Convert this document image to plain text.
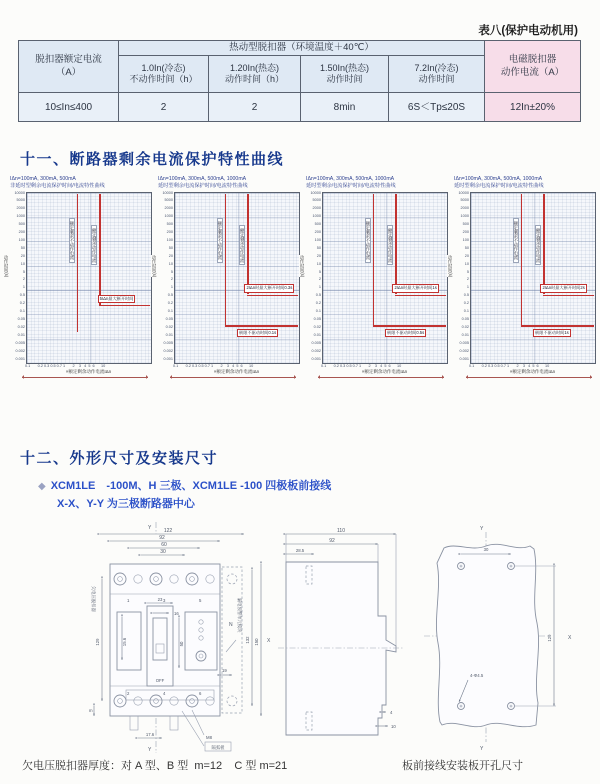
表八(保护电动机用)
脱扣器额定电流
（A）
	热动型脱扣器（环境温度＋40℃）	
电磁脱扣器
动作电流（A）

1.0In(冷态)
不动作时间（h）

1.20In(热态)
动作时间（h）

1.50In(热态)
动作时间

7.2In(冷态)
动作时间

10≤In≤400	2	2	8min	6S＜Tp≤20S	12In±20%
十一、断路器剩余电流保护特性曲线
IΔn=100mA, 300mA, 500mA
非延时型剩余电流保护时间/电流特性曲线
动作时间(s)
10000
5000
2000
1000
500
200
100
50
20
10
5
2
1
0.5
0.2
0.1
0.05
0.02
0.01
0.005
0.002
0.001
额定剩余不动作电流	额定剩余动作电流
5IΔn最大断开时间
0.1       0.2 0.3 0.5 0.7 1       2    3   4  5  6      10
×额定剩余动作电流IΔn
IΔn=100mA, 300mA, 500mA, 1000mA
延时型剩余电流保护时间/电流特性曲线
动作时间(s)
10000
5000
2000
1000
500
200
100
50
20
10
5
2
1
0.5
0.2
0.1
0.05
0.02
0.01
0.005
0.002
0.001
额定剩余不动作电流	额定剩余动作电流
2IΔn时最大断开时间0.3s
极限不驱动时间0.1s
0.1       0.2 0.3 0.5 0.7 1       2    3   4  5  6      10
×额定剩余动作电流IΔn
IΔn=100mA, 300mA, 500mA, 1000mA
延时型剩余电流保护时间/电流特性曲线
动作时间(s)
10000
5000
2000
1000
500
200
100
50
20
10
5
2
1
0.5
0.2
0.1
0.05
0.02
0.01
0.005
0.002
0.001
额定剩余不动作电流	额定剩余动作电流
2IΔn时最大断开时间1s
极限不驱动时间0.5s
0.1       0.2 0.3 0.5 0.7 1       2    3   4  5  6      10
×额定剩余动作电流IΔn
IΔn=100mA, 300mA, 500mA, 1000mA
延时型剩余电流保护时间/电流特性曲线
动作时间(s)
10000
5000
2000
1000
500
200
100
50
20
10
5
2
1
0.5
0.2
0.1
0.05
0.02
0.01
0.005
0.002
0.001
额定剩余不动作电流	额定剩余动作电流
2IΔn时最大断开时间2s
极限不驱动时间1s
0.1       0.2 0.3 0.5 0.7 1       2    3   4  5  6      10
×额定剩余动作电流IΔn
十二、外形尺寸及安装尺寸
◆ XCM1LE　-100M、H 三极、XCM1LE -100 四极板前接线
X-X、Y-Y 为三极断路器中心
Y
Y
122
92
60
30
1	3	5
N
15.6
23
16
50
OFF
2	4	6
17.6
M8
隔弧板
129
欠电压脱扣器
m
132 150 X
19
漏电预警单元模块
110
92
28.5
4
10
Y
Y
30
129	X
4-Φ4.5
欠电压脱扣器厚度：对 A 型、B 型  m=12    C 型 m=21	板前接线安装板开孔尺寸
